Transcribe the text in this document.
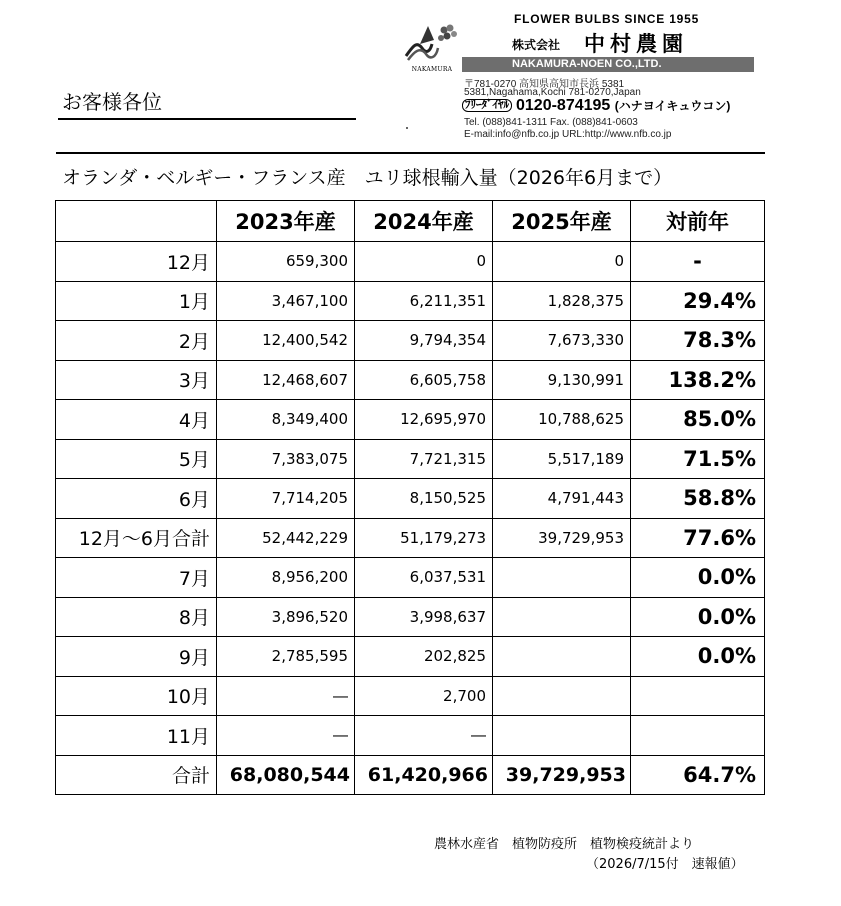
お客様各位
NAKAMURA
FLOWER BULBS SINCE 1955
株式会社 中村農園
NAKAMURA-NOEN CO.,LTD.
〒781-0270 高知県高知市長浜 5381
5381,Nagahama,Kochi 781-0270,Japan
ﾌﾘｰﾀﾞｲﾔﾙ 0120-874195 (ハナヨイキュウコン)
Tel. (088)841-1311 Fax. (088)841-0603
E-mail:info@nfb.co.jp URL:http://www.nfb.co.jp
オランダ・ベルギー・フランス産　ユリ球根輸入量（2026年6月まで）
	2023年産	2024年産	2025年産	対前年
12月	659,300	0	0	-
1月	3,467,100	6,211,351	1,828,375	29.4%
2月	12,400,542	9,794,354	7,673,330	78.3%
3月	12,468,607	6,605,758	9,130,991	138.2%
4月	8,349,400	12,695,970	10,788,625	85.0%
5月	7,383,075	7,721,315	5,517,189	71.5%
6月	7,714,205	8,150,525	4,791,443	58.8%
12月～6月合計	52,442,229	51,179,273	39,729,953	77.6%
7月	8,956,200	6,037,531		0.0%
8月	3,896,520	3,998,637		0.0%
9月	2,785,595	202,825		0.0%
10月	―	2,700		
11月	―	―		
合計	68,080,544	61,420,966	39,729,953	64.7%
農林水産省　植物防疫所　植物検疫統計より
（2026/7/15付　速報値）
